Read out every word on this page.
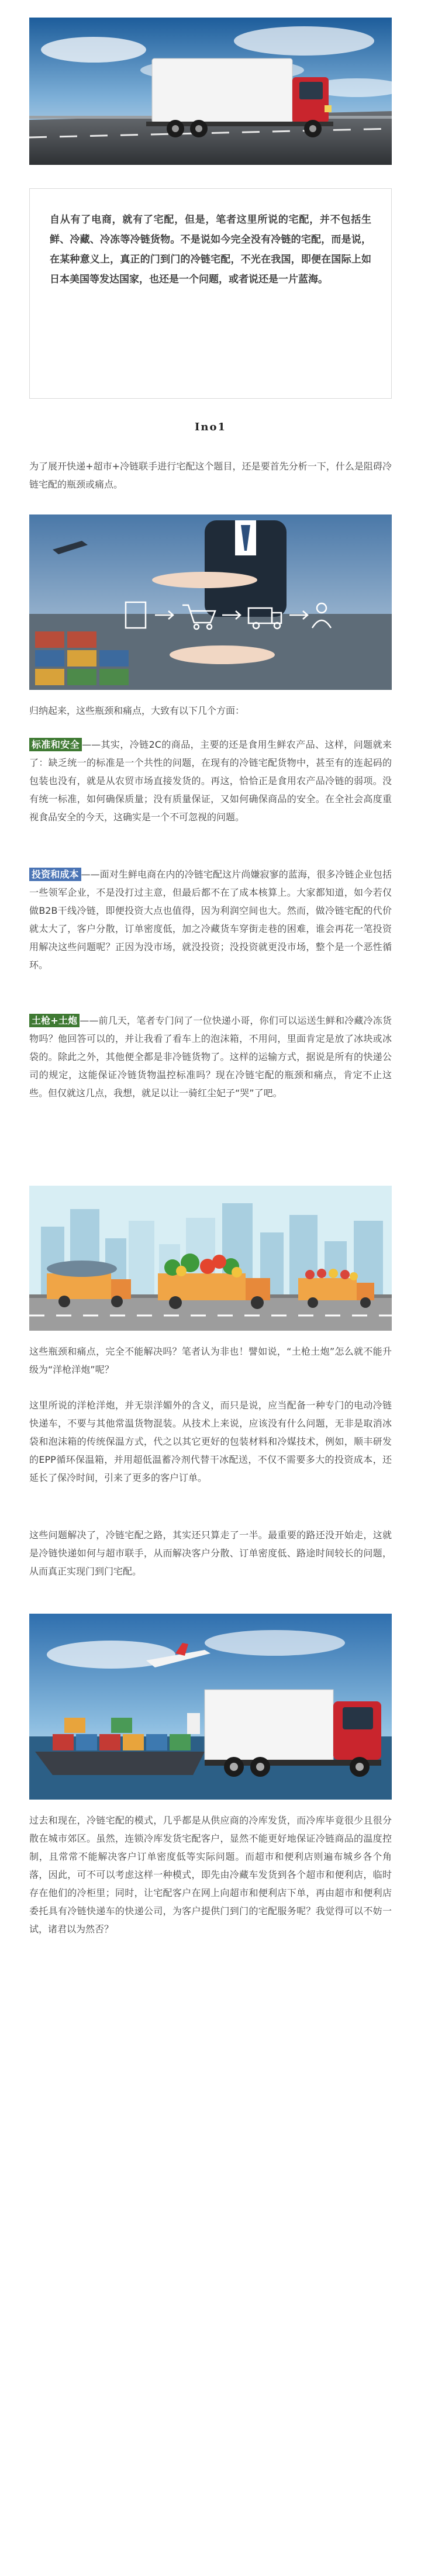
自从有了电商，就有了宅配，但是，笔者这里所说的宅配，并不包括生鲜、冷藏、冷冻等冷链货物。不是说如今完全没有冷链的宅配，而是说，在某种意义上，真正的门到门的冷链宅配，不光在我国，即便在国际上如日本美国等发达国家，也还是一个问题，或者说还是一片蓝海。

Ino1

为了展开快递+超市+冷链联手进行宅配这个题目，还是要首先分析一下，什么是阻碍冷链宅配的瓶颈或痛点。

归纳起来，这些瓶颈和痛点，大致有以下几个方面：

标准和安全 ——其实，冷链2C的商品，主要的还是食用生鲜农产品、这样，问题就来了：缺乏统一的标准是一个共性的问题，在现有的冷链宅配货物中，甚至有的连起码的包装也没有，就是从农贸市场直接发货的。再这，恰恰正是食用农产品冷链的弱项。没有统一标准，如何确保质量；没有质量保证，又如何确保商品的安全。在全社会高度重视食品安全的今天，这确实是一个不可忽视的问题。

投资和成本 ——面对生鲜电商在内的冷链宅配这片尚嫌寂寥的蓝海，很多冷链企业包括一些领军企业，不是没打过主意，但最后都不在了成本核算上。大家都知道，如今若仅做B2B干线冷链，即便投资大点也值得，因为利润空间也大。然而，做冷链宅配的代价就太大了，客户分散，订单密度低，加之冷藏货车穿街走巷的困难，谁会再花一笔投资用解决这些问题呢？正因为没市场，就没投资；没投资就更没市场，整个是一个恶性循环。

土枪+土炮 ——前几天，笔者专门问了一位快递小哥，你们可以运送生鲜和冷藏冷冻货物吗？他回答可以的，并让我看了看车上的泡沫箱，不用问，里面肯定是放了冰块或冰袋的。除此之外，其他便全都是非冷链货物了。这样的运输方式，据说是所有的快递公司的规定，这能保证冷链货物温控标准吗？现在冷链宅配的瓶颈和痛点，肯定不止这些。但仅就这几点，我想，就足以让一骑红尘妃子“哭”了吧。

这些瓶颈和痛点，完全不能解决吗？笔者认为非也！譬如说，“土枪土炮”怎么就不能升级为“洋枪洋炮”呢？

这里所说的洋枪洋炮，并无崇洋媚外的含义，而只是说，应当配备一种专门的电动冷链快递车，不要与其他常温货物混装。从技术上来说，应该没有什么问题，无非是取消冰袋和泡沫箱的传统保温方式，代之以其它更好的包装材料和冷媒技术，例如，顺丰研发的EPP循环保温箱，并用超低温蓄冷剂代替干冰配送，不仅不需要多大的投资成本，还延长了保冷时间，引来了更多的客户订单。

这些问题解决了，冷链宅配之路，其实还只算走了一半。最重要的路还没开始走，这就是冷链快递如何与超市联手，从而解决客户分散、订单密度低、路途时间较长的问题，从而真正实现门到门宅配。

过去和现在，冷链宅配的模式，几乎都是从供应商的冷库发货，而冷库毕竟很少且很分散在城市郊区。虽然，连锁冷库发货宅配客户，显然不能更好地保证冷链商品的温度控制，且常常不能解决客户订单密度低等实际问题。而超市和便利店则遍布城乡各个角落，因此，可不可以考虑这样一种模式，即先由冷藏车发货到各个超市和便利店，临时存在他们的冷柜里；同时，让宅配客户在网上向超市和便利店下单，再由超市和便利店委托具有冷链快递车的快递公司，为客户提供门到门的宅配服务呢？我觉得可以不妨一试，诸君以为然否？
